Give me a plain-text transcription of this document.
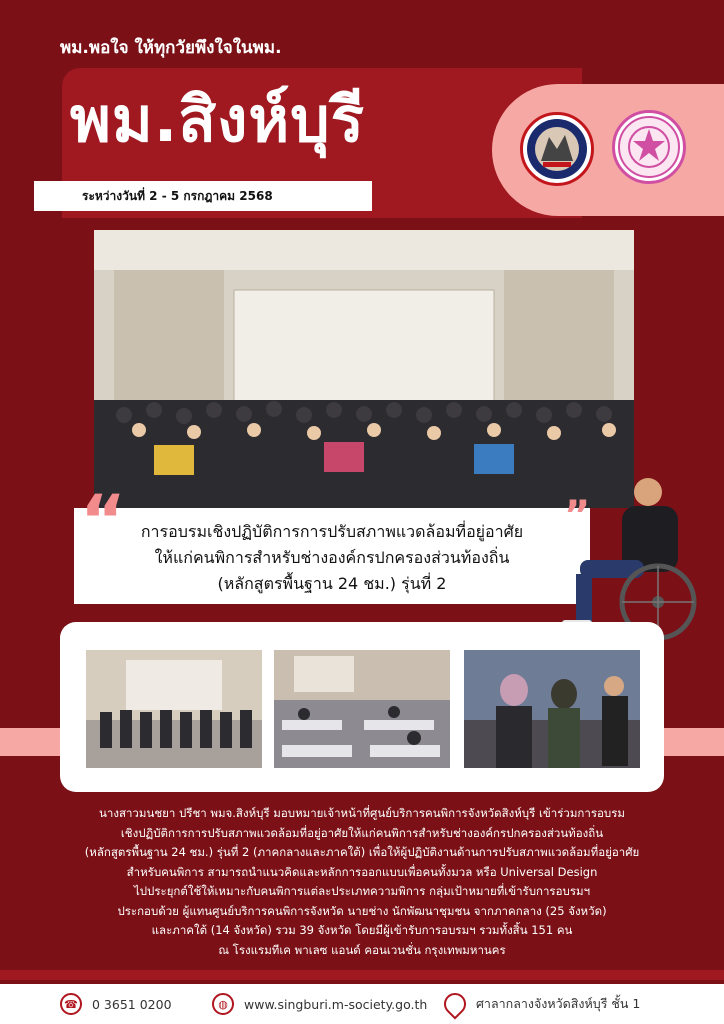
พม.พอใจ ให้ทุกวัยพึงใจในพม.
พม.สิงห์บุรี
ระหว่างวันที่ 2 - 5 กรกฎาคม 2568
การอบรมเชิงปฏิบัติการการปรับสภาพแวดล้อมที่อยู่อาศัย
ให้แก่คนพิการสำหรับช่างองค์กรปกครองส่วนท้องถิ่น
(หลักสูตรพื้นฐาน 24 ชม.) รุ่นที่ 2
“	”
นางสาวมนชยา ปรีชา พมจ.สิงห์บุรี มอบหมายเจ้าหน้าที่ศูนย์บริการคนพิการจังหวัดสิงห์บุรี เข้าร่วมการอบรม
เชิงปฏิบัติการการปรับสภาพแวดล้อมที่อยู่อาศัยให้แก่คนพิการสำหรับช่างองค์กรปกครองส่วนท้องถิ่น
(หลักสูตรพื้นฐาน 24 ชม.) รุ่นที่ 2 (ภาคกลางและภาคใต้) เพื่อให้ผู้ปฏิบัติงานด้านการปรับสภาพแวดล้อมที่อยู่อาศัย
สำหรับคนพิการ สามารถนำแนวคิดและหลักการออกแบบเพื่อคนทั้งมวล หรือ Universal Design
ไปประยุกต์ใช้ให้เหมาะกับคนพิการแต่ละประเภทความพิการ กลุ่มเป้าหมายที่เข้ารับการอบรมฯ
ประกอบด้วย ผู้แทนศูนย์บริการคนพิการจังหวัด นายช่าง นักพัฒนาชุมชน จากภาคกลาง (25 จังหวัด)
และภาคใต้ (14 จังหวัด) รวม 39 จังหวัด โดยมีผู้เข้ารับการอบรมฯ รวมทั้งสิ้น 151 คน
ณ โรงแรมทีเค พาเลซ แอนด์ คอนเวนชั่น กรุงเทพมหานคร
☎	0 3651 0200	◍	www.singburi.m-society.go.th	ศาลากลางจังหวัดสิงห์บุรี ชั้น 1
